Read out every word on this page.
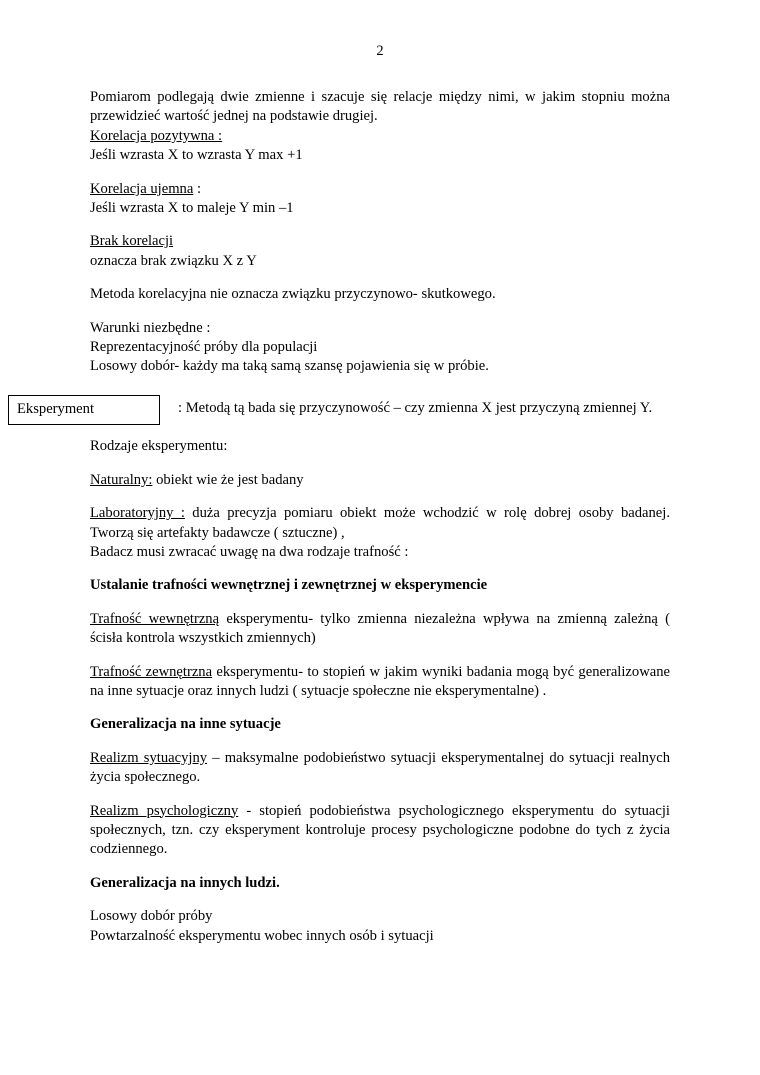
2

Pomiarom podlegają dwie zmienne i szacuje się relacje między nimi, w jakim stopniu można przewidzieć wartość jednej na podstawie drugiej.

Korelacja pozytywna :

Jeśli wzrasta X to wzrasta Y max +1

Korelacja ujemna :

Jeśli wzrasta X to maleje Y min –1

Brak korelacji

oznacza brak związku X z Y

Metoda korelacyjna nie oznacza związku przyczynowo- skutkowego.

Warunki niezbędne :

Reprezentacyjność próby dla populacji

Losowy dobór- każdy ma taką samą szansę pojawienia się w próbie.

Eksperyment	: Metodą tą bada się przyczynowość – czy zmienna X jest przyczyną zmiennej Y.

Rodzaje eksperymentu:

Naturalny: obiekt wie że jest badany

Laboratoryjny : duża precyzja pomiaru obiekt może wchodzić w rolę dobrej osoby badanej. Tworzą się artefakty badawcze ( sztuczne) ,

Badacz musi zwracać uwagę na dwa rodzaje trafność :

Ustalanie trafności wewnętrznej i zewnętrznej w eksperymencie

Trafność wewnętrzną eksperymentu- tylko zmienna niezależna wpływa na zmienną zależną ( ścisła kontrola wszystkich zmiennych)

Trafność zewnętrzna eksperymentu- to stopień w jakim wyniki badania mogą być generalizowane na inne sytuacje oraz innych ludzi ( sytuacje społeczne nie eksperymentalne) .

Generalizacja na inne sytuacje

Realizm sytuacyjny – maksymalne podobieństwo sytuacji eksperymentalnej do sytuacji realnych życia społecznego.

Realizm psychologiczny - stopień podobieństwa psychologicznego eksperymentu do sytuacji społecznych, tzn. czy eksperyment kontroluje procesy psychologiczne podobne do tych z życia codziennego.

Generalizacja na innych ludzi.

Losowy dobór próby

Powtarzalność eksperymentu wobec innych osób i sytuacji
